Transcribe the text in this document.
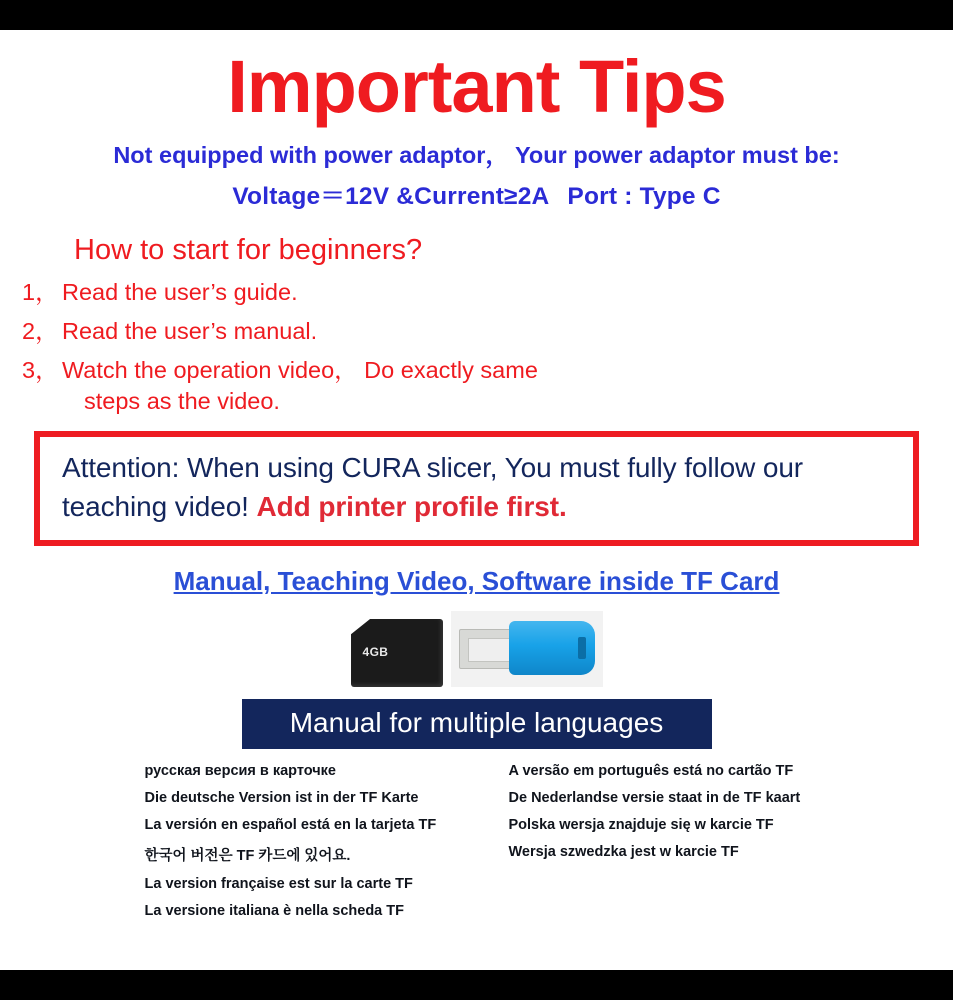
Important Tips
Not equipped with power adaptor， Your power adaptor must be:
Voltage＝12V &Current≥2A Port : Type C
How to start for beginners?
1， Read the user’s guide.
2， Read the user’s manual.
3， Watch the operation video， Do exactly same
steps as the video.
Attention: When using CURA slicer, You must fully follow our teaching video! Add printer profile first.
Manual, Teaching Video, Software inside TF Card
4GB
Manual for multiple languages
русская версия в карточке
Die deutsche Version ist in der TF Karte
La versión en español está en la tarjeta TF
한국어 버전은 TF 카드에 있어요.
La version française est sur la carte TF
La versione italiana è nella scheda TF
A versão em português está no cartão TF
De Nederlandse versie staat in de TF kaart
Polska wersja znajduje się w karcie TF
Wersja szwedzka jest w karcie TF
